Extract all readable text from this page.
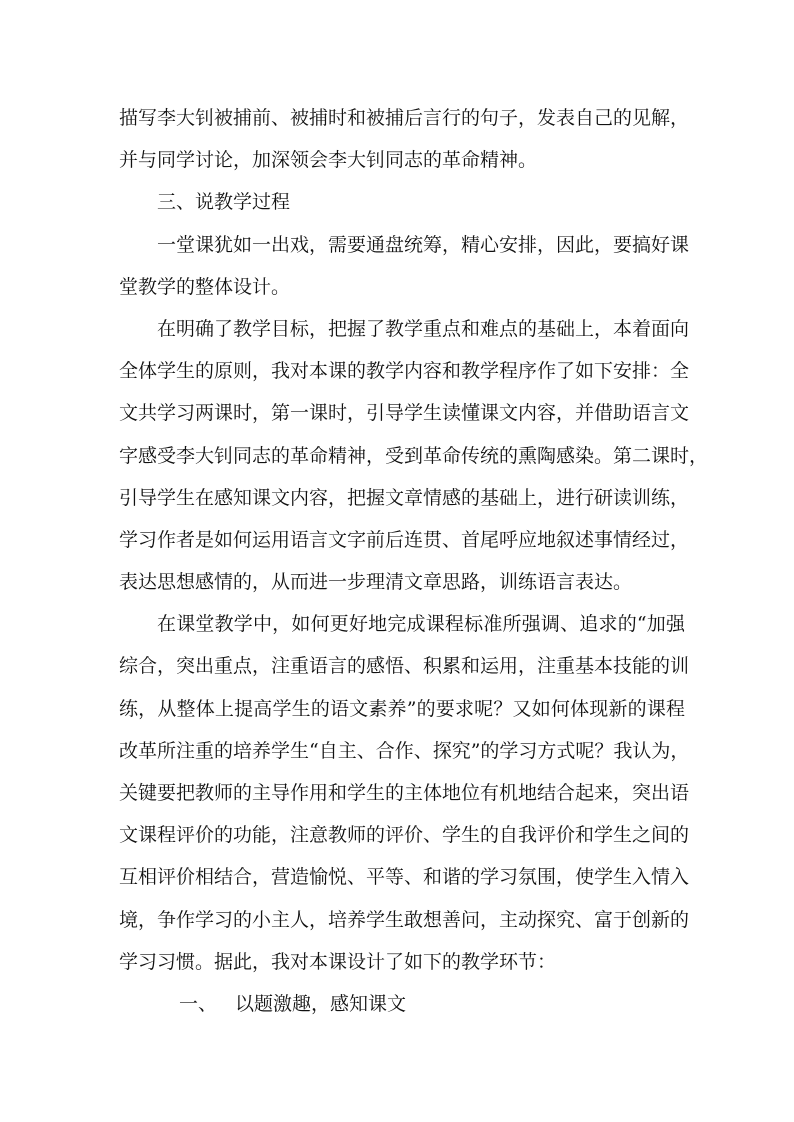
描写李大钊被捕前、被捕时和被捕后言行的句子，发表自己的见解，
并与同学讨论，加深领会李大钊同志的革命精神。
三、说教学过程
一堂课犹如一出戏，需要通盘统筹，精心安排，因此，要搞好课
堂教学的整体设计。
在明确了教学目标，把握了教学重点和难点的基础上，本着面向
全体学生的原则，我对本课的教学内容和教学程序作了如下安排：全
文共学习两课时，第一课时，引导学生读懂课文内容，并借助语言文
字感受李大钊同志的革命精神，受到革命传统的熏陶感染。第二课时，
引导学生在感知课文内容，把握文章情感的基础上，进行研读训练，
学习作者是如何运用语言文字前后连贯、首尾呼应地叙述事情经过，
表达思想感情的，从而进一步理清文章思路，训练语言表达。
在课堂教学中，如何更好地完成课程标准所强调、追求的“加强
综合，突出重点，注重语言的感悟、积累和运用，注重基本技能的训
练，从整体上提高学生的语文素养”的要求呢？又如何体现新的课程
改革所注重的培养学生“自主、合作、探究”的学习方式呢？我认为，
关键要把教师的主导作用和学生的主体地位有机地结合起来，突出语
文课程评价的功能，注意教师的评价、学生的自我评价和学生之间的
互相评价相结合，营造愉悦、平等、和谐的学习氛围，使学生入情入
境，争作学习的小主人，培养学生敢想善问，主动探究、富于创新的
学习习惯。据此，我对本课设计了如下的教学环节：
一、 以题激趣，感知课文
